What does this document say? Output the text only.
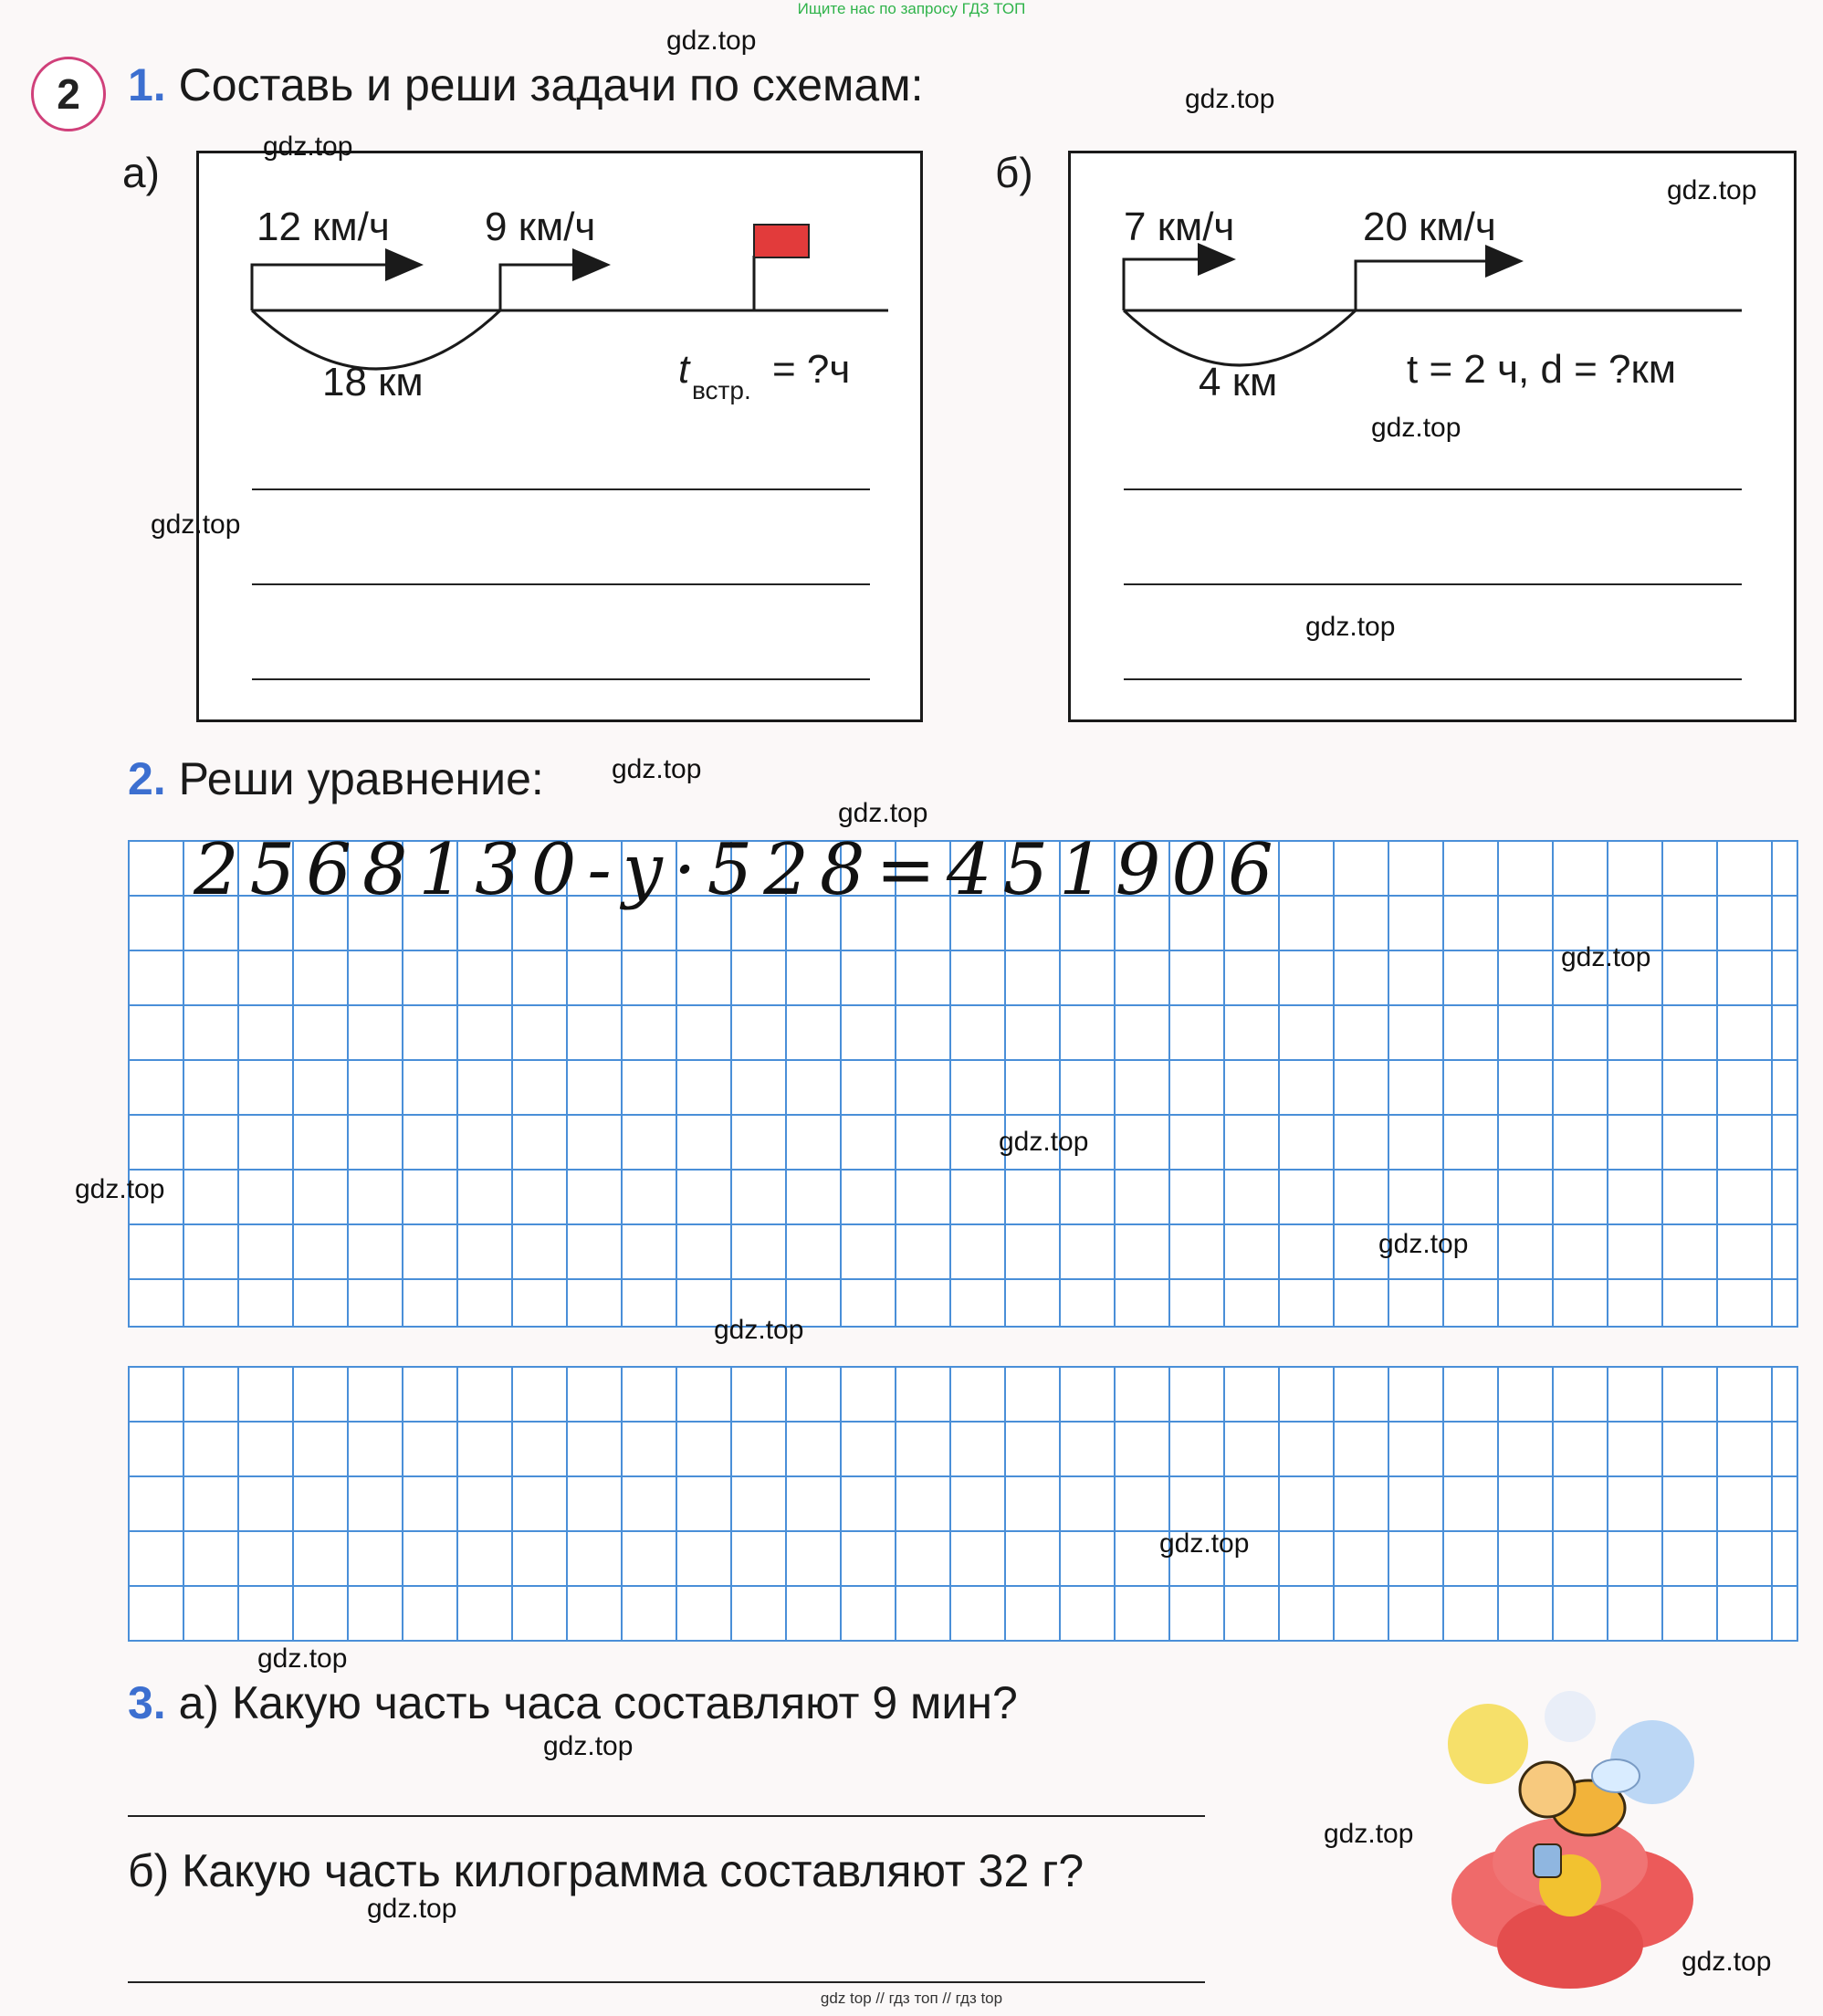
Ищите нас по запросу ГДЗ ТОП
gdz top // гдз топ // гдз top
2	1. Составь и реши задачи по схемам:
а)
12 км/ч 9 км/ч
18 км	t встр. = ?ч
б)
7 км/ч	20 км/ч
4 км	t = 2 ч, d = ?км
2. Реши уравнение:
2568130-y·528=451906
3. а) Какую часть часа составляют 9 мин?
б) Какую часть килограмма составляют 32 г?
gdz.top
gdz.top
gdz.top
gdz.top
gdz.top
gdz.top
gdz.top
gdz.top
gdz.top
gdz.top
gdz.top
gdz.top
gdz.top
gdz.top
gdz.top
gdz.top
gdz.top
gdz.top
gdz.top
gdz.top
